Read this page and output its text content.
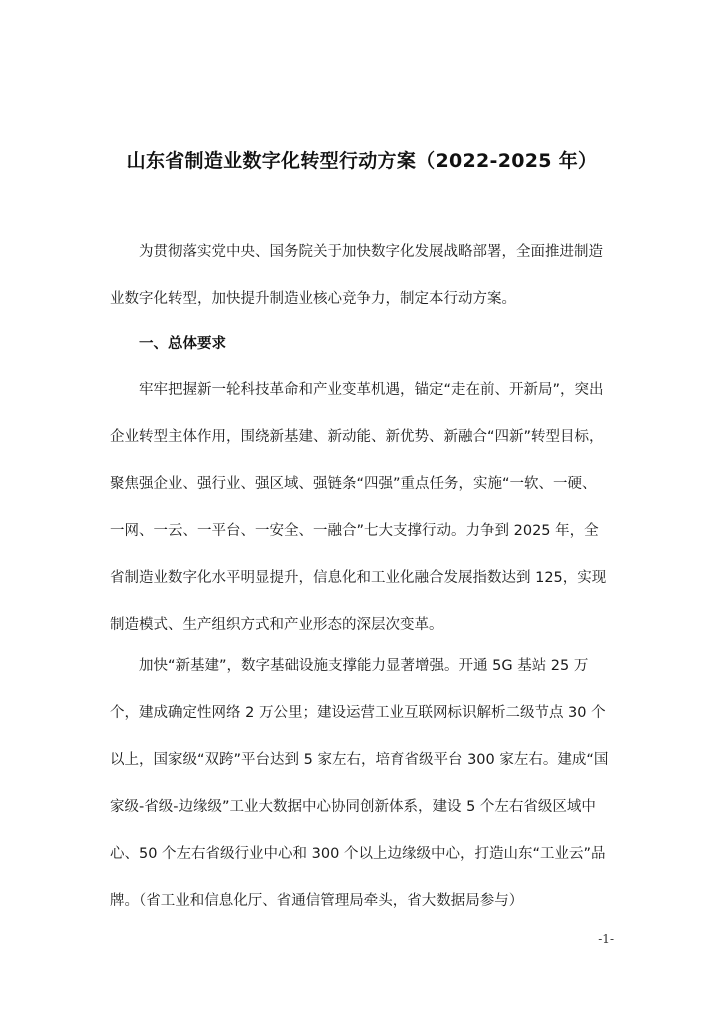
山东省制造业数字化转型行动方案（2022-2025 年）

为贯彻落实党中央、国务院关于加快数字化发展战略部署，全面推进制造业数字化转型，加快提升制造业核心竞争力，制定本行动方案。

一、总体要求

牢牢把握新一轮科技革命和产业变革机遇，锚定“走在前、开新局”，突出企业转型主体作用，围绕新基建、新动能、新优势、新融合“四新”转型目标，聚焦强企业、强行业、强区域、强链条“四强”重点任务，实施“一软、一硬、一网、一云、一平台、一安全、一融合”七大支撑行动。力争到 2025 年，全省制造业数字化水平明显提升，信息化和工业化融合发展指数达到 125，实现制造模式、生产组织方式和产业形态的深层次变革。

加快“新基建”，数字基础设施支撑能力显著增强。开通 5G 基站 25 万个，建成确定性网络 2 万公里；建设运营工业互联网标识解析二级节点 30 个以上，国家级“双跨”平台达到 5 家左右，培育省级平台 300 家左右。建成“国家级-省级-边缘级”工业大数据中心协同创新体系，建设 5 个左右省级区域中心、50 个左右省级行业中心和 300 个以上边缘级中心，打造山东“工业云”品牌。（省工业和信息化厅、省通信管理局牵头，省大数据局参与）

-1-
